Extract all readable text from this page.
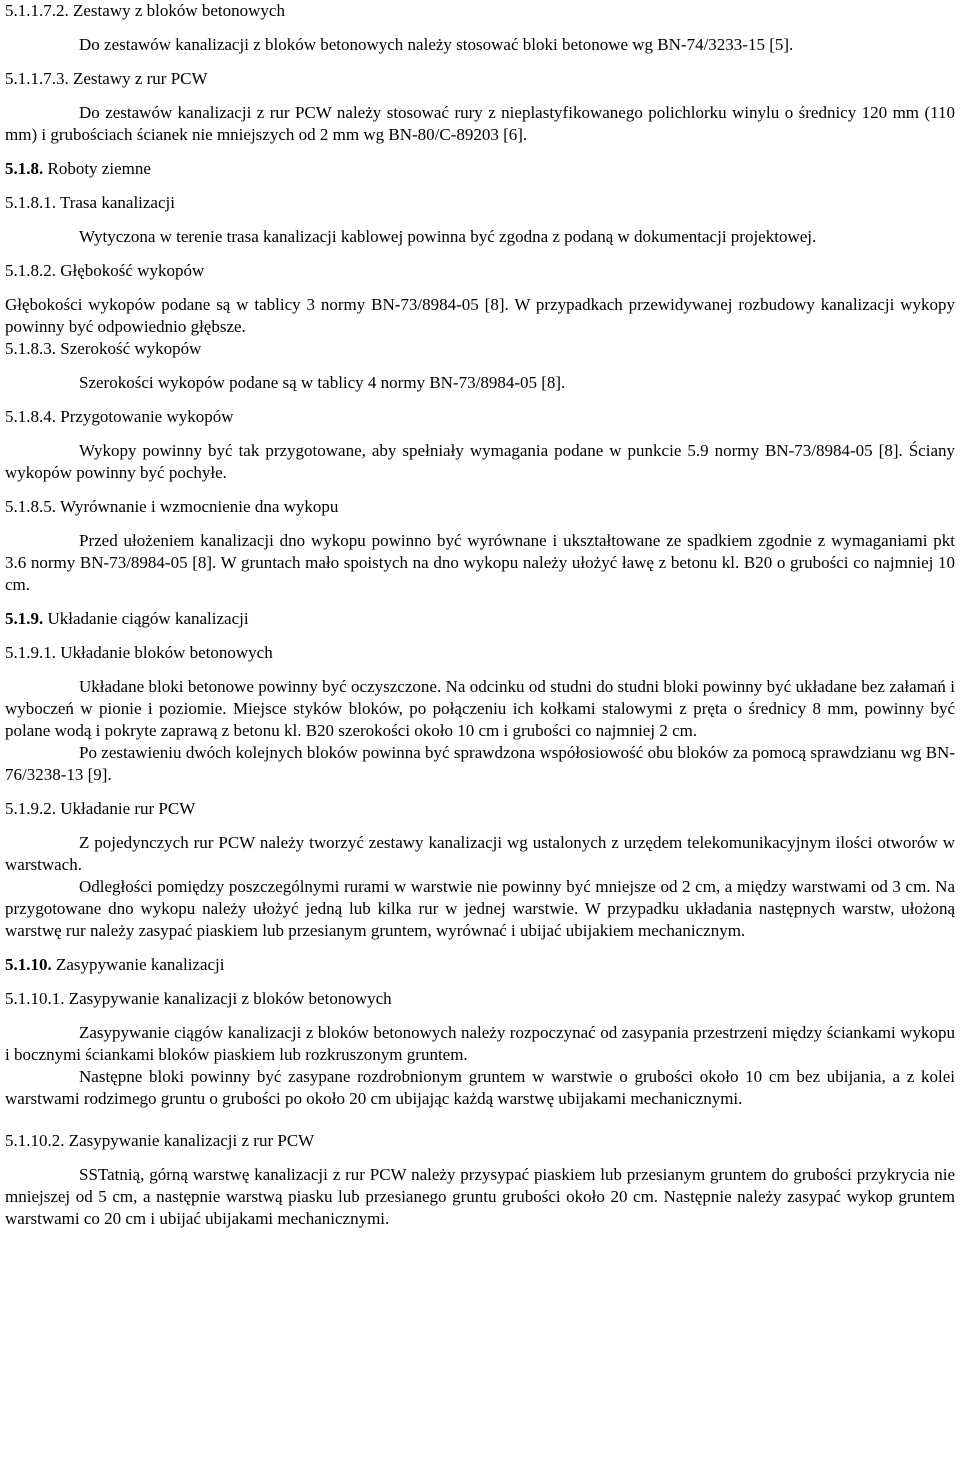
5.1.1.7.2. Zestawy z bloków betonowych

Do zestawów kanalizacji z bloków betonowych należy stosować bloki betonowe wg BN-74/3233-15 [5].

5.1.1.7.3. Zestawy z rur PCW

Do zestawów kanalizacji z rur PCW należy stosować rury z nieplastyfikowanego polichlorku winylu o średnicy 120 mm (110 mm) i grubościach ścianek nie mniejszych od 2 mm wg BN-80/C-89203 [6].

5.1.8. Roboty ziemne
5.1.8.1. Trasa kanalizacji

Wytyczona w terenie trasa kanalizacji kablowej powinna być zgodna z podaną w dokumentacji projektowej.

5.1.8.2. Głębokość wykopów

Głębokości wykopów podane są w tablicy 3 normy BN-73/8984-05 [8]. W przypadkach przewidywanej rozbudowy kanalizacji wykopy powinny być odpowiednio głębsze.

5.1.8.3. Szerokość wykopów

Szerokości wykopów podane są w tablicy 4 normy BN-73/8984-05 [8].

5.1.8.4. Przygotowanie wykopów

Wykopy powinny być tak przygotowane, aby spełniały wymagania podane w punkcie 5.9 normy BN-73/8984-05 [8]. Ściany wykopów powinny być pochyłe.

5.1.8.5. Wyrównanie i wzmocnienie dna wykopu

Przed ułożeniem kanalizacji dno wykopu powinno być wyrównane i ukształtowane ze spadkiem zgodnie z wymaganiami pkt 3.6 normy BN-73/8984-05 [8]. W gruntach mało spoistych na dno wykopu należy ułożyć ławę z betonu kl. B20 o grubości co najmniej 10 cm.

5.1.9. Układanie ciągów kanalizacji
5.1.9.1. Układanie bloków betonowych

Układane bloki betonowe powinny być oczyszczone. Na odcinku od studni do studni bloki powinny być układane bez załamań i wyboczeń w pionie i poziomie. Miejsce styków bloków, po połączeniu ich kołkami stalowymi z pręta o średnicy 8 mm, powinny być polane wodą i pokryte zaprawą z betonu kl. B20 szerokości około 10 cm i grubości co najmniej 2 cm.

Po zestawieniu dwóch kolejnych bloków powinna być sprawdzona współosiowość obu bloków za pomocą sprawdzianu wg BN-76/3238-13 [9].

5.1.9.2. Układanie rur PCW

Z pojedynczych rur PCW należy tworzyć zestawy kanalizacji wg ustalonych z urzędem telekomunikacyjnym ilości otworów w warstwach.

Odległości pomiędzy poszczególnymi rurami w warstwie nie powinny być mniejsze od 2 cm, a między warstwami od 3 cm. Na przygotowane dno wykopu należy ułożyć jedną lub kilka rur w jednej warstwie. W przypadku układania następnych warstw, ułożoną warstwę rur należy zasypać piaskiem lub przesianym gruntem, wyrównać i ubijać ubijakiem mechanicznym.

5.1.10. Zasypywanie kanalizacji
5.1.10.1. Zasypywanie kanalizacji z bloków betonowych

Zasypywanie ciągów kanalizacji z bloków betonowych należy rozpoczynać od zasypania przestrzeni między ściankami wykopu i bocznymi ściankami bloków piaskiem lub rozkruszonym gruntem.

Następne bloki powinny być zasypane rozdrobnionym gruntem w warstwie o grubości około 10 cm bez ubijania, a z kolei warstwami rodzimego gruntu o grubości po około 20 cm ubijając każdą warstwę ubijakami mechanicznymi.

5.1.10.2. Zasypywanie kanalizacji z rur PCW

SSTatnią, górną warstwę kanalizacji z rur PCW należy przysypać piaskiem lub przesianym gruntem do grubości przykrycia nie mniejszej od 5 cm, a następnie warstwą piasku lub przesianego gruntu grubości około 20 cm. Następnie należy zasypać wykop gruntem warstwami co 20 cm i ubijać ubijakami mechanicznymi.
